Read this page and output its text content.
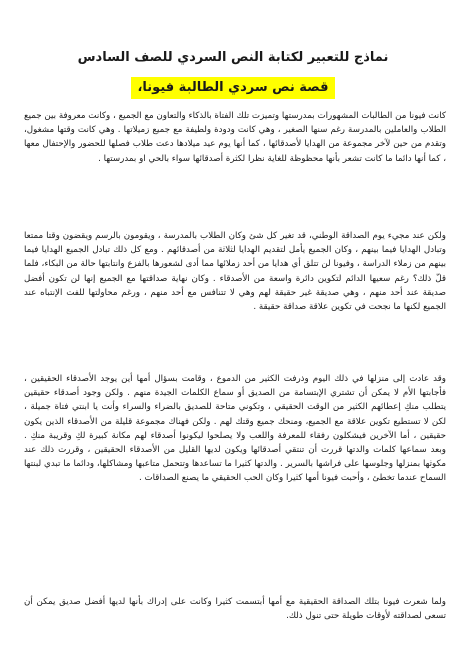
نماذج للتعبير لكتابة النص السردي للصف السادس
قصة نص سردي الطالبة فيونا،

كانت فيونا من الطالبات المشهورات بمدرستها وتميزت تلك الفتاة بالذكاء والتعاون مع الجميع ، وكانت معروفة بين جميع الطلاب والعاملين بالمدرسة رغم سنها الصغير ، وهي كانت ودودة ولطيفة مع جميع زميلاتها . وهي كانت وقتها مشغول، وتقدم من حين لآخر مجموعة من الهدايا لأصدقائها ، كما أنها يوم عيد ميلادها دعت طلاب فصلها للحضور والإحتفال معها ، كما أنها دائما ما كانت تشعر بأنها محظوظة للغاية نظرا لكثرة أصدقائها سواء بالحي او بمدرستها .

ولكن عند مجيء يوم الصداقة الوطني، قد تغير كل شئ وكان الطلاب بالمدرسة ، ويقومون بالرسم ويقضون وقتا ممتعا وتبادل الهدايا فيما بينهم ، وكان الجميع يأمل لتقديم الهدايا لثلاثة من أصدقائهم . ومع كل ذلك تبادل الجميع الهدايا فيما بينهم من زملاء الدراسة ، وفيونا لن تتلق أي هدايا من أحد زملائها مما أدى لشعورها بالفزع وانتابتها حالة من البكاء، فلما قلّ ذلك؟ رغم سعيها الدائم لتكوين دائرة واسعة من الأصدقاء . وكان نهاية صداقتها مع الجميع إنها لن تكون أفضل صديقة عند أحد منهم ، وهي صديقة غير حقيقة لهم وهي لا تتنافس مع أحد منهم ، ورغم محاولتها للفت الإنتباه عند الجميع لكنها ما نجحت في تكوين علاقة صداقة حقيقة .

وقد عادت إلى منزلها في ذلك اليوم وذرفت الكثير من الدموع ، وقامت بسؤال أمها أين يوجد الأصدقاء الحقيقين ، فأجابتها الأم لا يمكن أن تشتري الإبتسامة من الصديق أو سماع الكلمات الجيدة منهم . ولكن وجود أصدقاء حقيقين يتطلب منكِ إعطائهم الكثير من الوقت الحقيقي ، وتكوني متاحة للصديق بالضراء والسراء وأنت يا ابنتي فتاة جميلة ، لكن لا تستطيع تكوين علاقة مع الجميع، ومنحك جميع وقتك لهم . ولكن فهناك مجموعة قليلة من الأصدقاء الذين يكون حقيقين ، أما الآخرين فيشكلون رفقاء للمعرفة واللعب ولا يصلحوا ليكونوا أصدقاء لهم مكانة كبيرة لكِ وقريبة منكِ . وبعد سماعها كلمات والدتها قررت أن تنتقي أصدقائها ويكون لديها القليل من الأصدقاء الحقيقين ، وقررت ذلك عند مكوثها بمنزلها وجلوسها على فراشها بالسرير . والدتها كثيرا ما تساعدها وتتحمل متاعبها ومشاكلها، ودائما ما تبدي لبنتها السماح عندما تخطئ ، وأحبت فيونا أمها كثيرا وكان الحب الحقيقي ما يصنع الصداقات .

ولما شعرت فيونا بتلك الصداقة الحقيقية مع أمها أبتسمت كثيرا وكانت على إدراك بأنها لديها أفضل صديق يمكن أن تسعى لصداقته لأوقات طويلة حتى تنول ذلك.
